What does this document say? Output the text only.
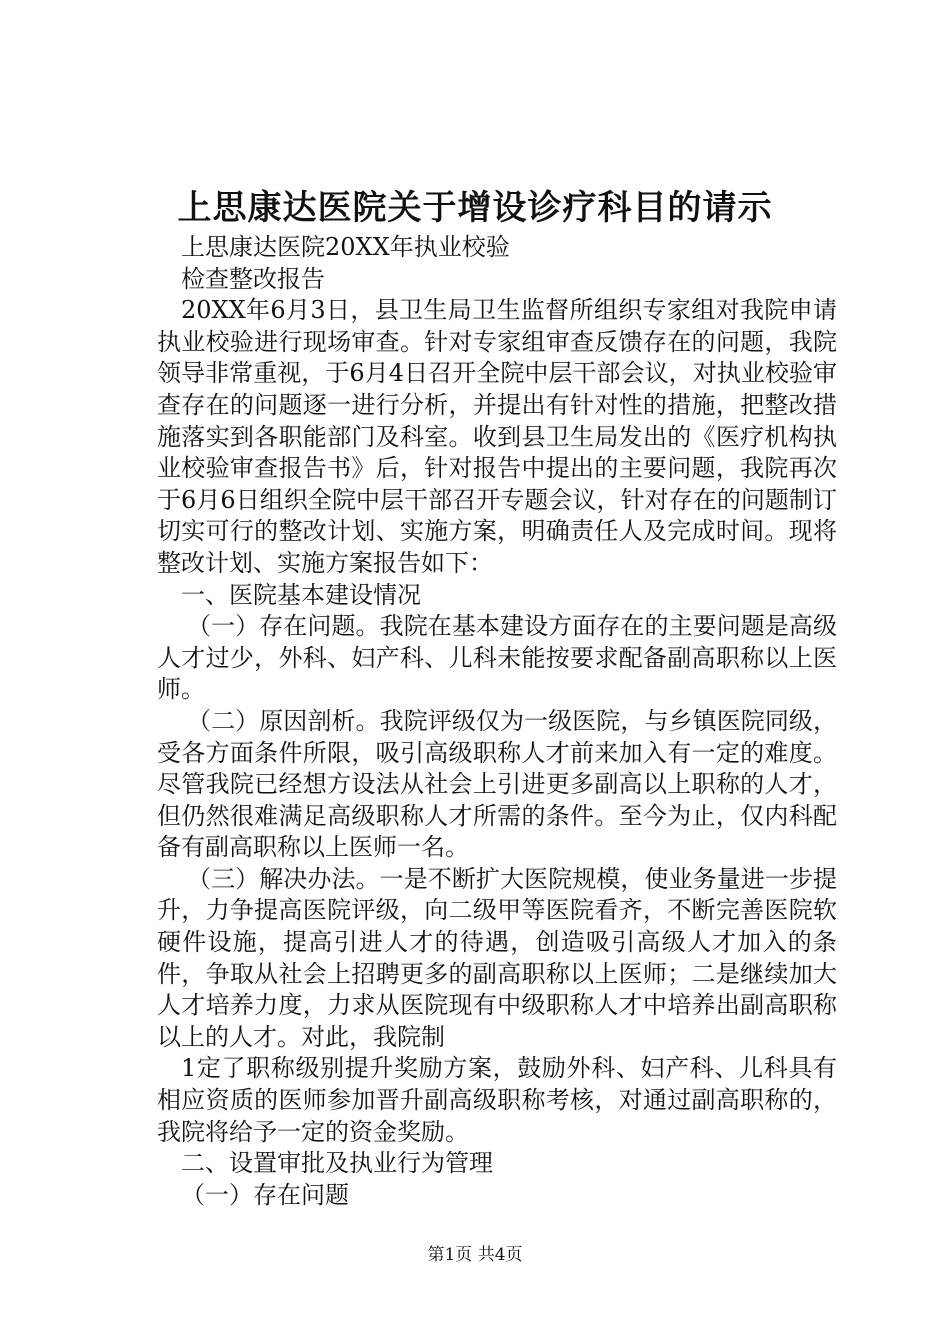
上思康达医院关于增设诊疗科目的请示

上思康达医院20XX年执业校验

检查整改报告

20XX年6月3日，县卫生局卫生监督所组织专家组对我院申请执业校验进行现场审查。针对专家组审查反馈存在的问题，我院领导非常重视，于6月4日召开全院中层干部会议，对执业校验审查存在的问题逐一进行分析，并提出有针对性的措施，把整改措施落实到各职能部门及科室。收到县卫生局发出的《医疗机构执业校验审查报告书》后，针对报告中提出的主要问题，我院再次于6月6日组织全院中层干部召开专题会议，针对存在的问题制订切实可行的整改计划、实施方案，明确责任人及完成时间。现将整改计划、实施方案报告如下：

一、医院基本建设情况

（一）存在问题。我院在基本建设方面存在的主要问题是高级人才过少，外科、妇产科、儿科未能按要求配备副高职称以上医师。

（二）原因剖析。我院评级仅为一级医院，与乡镇医院同级，受各方面条件所限，吸引高级职称人才前来加入有一定的难度。尽管我院已经想方设法从社会上引进更多副高以上职称的人才，但仍然很难满足高级职称人才所需的条件。至今为止，仅内科配备有副高职称以上医师一名。

（三）解决办法。一是不断扩大医院规模，使业务量进一步提升，力争提高医院评级，向二级甲等医院看齐，不断完善医院软硬件设施，提高引进人才的待遇，创造吸引高级人才加入的条件，争取从社会上招聘更多的副高职称以上医师；二是继续加大人才培养力度，力求从医院现有中级职称人才中培养出副高职称以上的人才。对此，我院制

1定了职称级别提升奖励方案，鼓励外科、妇产科、儿科具有相应资质的医师参加晋升副高级职称考核，对通过副高职称的，我院将给予一定的资金奖励。

二、设置审批及执业行为管理

（一）存在问题

第1页 共4页
